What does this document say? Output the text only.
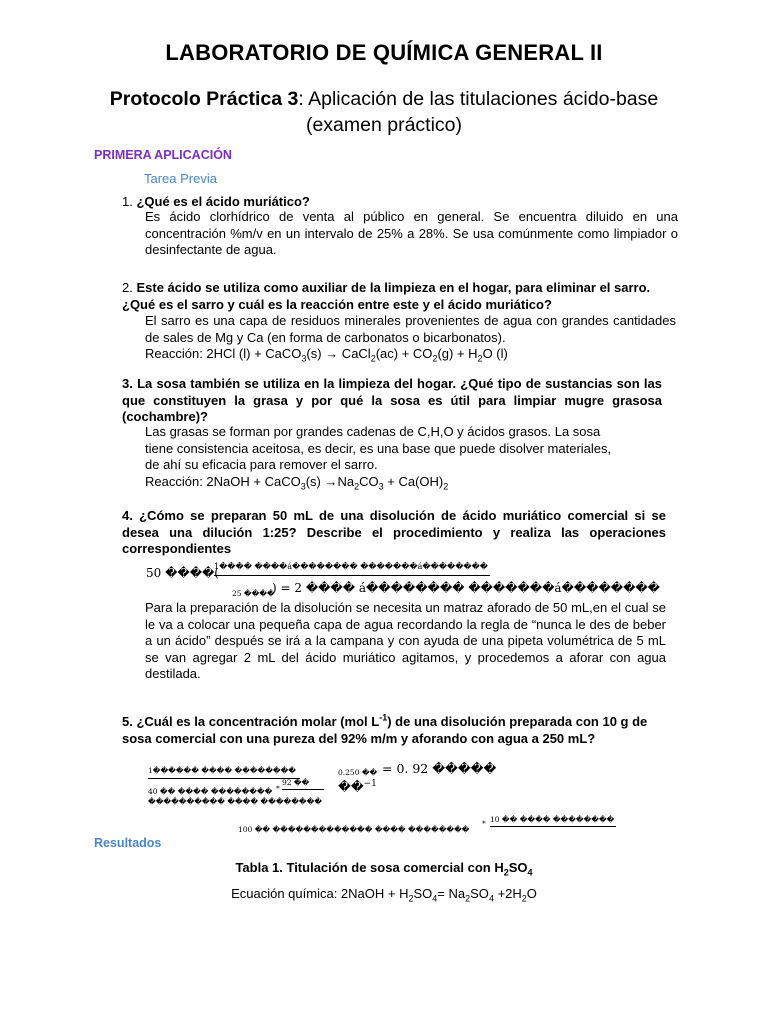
LABORATORIO DE QUÍMICA GENERAL II
Protocolo Práctica 3: Aplicación de las titulaciones ácido-base
(examen práctico)
PRIMERA APLICACIÓN
Tarea Previa
1. ¿Qué es el ácido muriático?
Es ácido clorhídrico de venta al público en general. Se encuentra diluido en una concentración %m/v en un intervalo de 25% a 28%. Se usa comúnmente como limpiador o desinfectante de agua.
2. Este ácido se utiliza como auxiliar de la limpieza en el hogar, para eliminar el sarro. ¿Qué es el sarro y cuál es la reacción entre este y el ácido muriático?
El sarro es una capa de residuos minerales provenientes de agua con grandes cantidades de sales de Mg y Ca (en forma de carbonatos o bicarbonatos).
Reacción: 2HCl (l) + CaCO$_3$(s) → CaCl$_2$(ac) + $CO_2(g) + H_2O$ (l)
3. La sosa también se utiliza en la limpieza del hogar. ¿Qué tipo de sustancias son las que constituyen la grasa y por qué la sosa es útil para limpiar mugre grasosa (cochambre)?
Las grasas se forman por grandes cadenas de C,H,O y ácidos grasos. La sosa
tiene consistencia aceitosa, es decir, es una base que puede disolver materiales,
de ahí su eficacia para remover el sarro.
Reacción: 2NaOH + CaCO$_3$(s) $\to Na_2CO_3 + Ca(OH)_2$
4. ¿Cómo se preparan 50 mL de una disolución de ácido muriático comercial si se desea una dilución 1:25? Describe el procedimiento y realiza las operaciones correspondientes
50 ����(
1���� ����á�������� �������á��������
25 ����
) = 2 ���� á�������� �������á��������
Para la preparación de la disolución se necesita un matraz aforado de 50 mL,en el cual se le va a colocar una pequeña capa de agua recordando la regla de “nunca le des de beber a un ácido” después se irá a la campana y con ayuda de una pipeta volumétrica de 5 mL se van agregar 2 mL del ácido muriático agitamos, y procedemos a aforar con agua destilada.
5. ¿Cuál es la concentración molar (mol $L^{-1}$) de una disolución preparada con 10 g de sosa comercial con una pureza del 92% m/m y aforando con agua a 250 mL?
1������ ���� ��������
40 �� ���� �������� *
92 ��
���������� ���� ��������
0.250 �� = 0. 92 �����
��$^{-1}$
100 �� ������������� ���� ��������
* 10 �� ���� ��������
Resultados
Tabla 1. Titulación de sosa comercial con $H_2SO_4$
Ecuación química: 2NaOH + $H_2SO_4= Na_2SO_4 +2H_2O$
